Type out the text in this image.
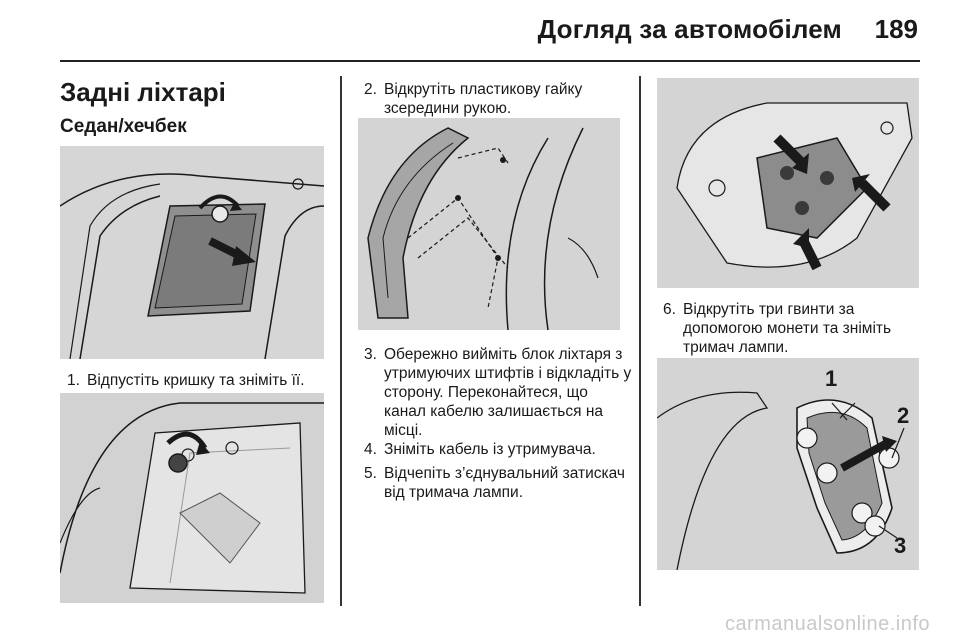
Догляд за автомобілем 189
Задні ліхтарі
Седан/хечбек
1. Відпустіть кришку та зніміть її.
2. Відкрутіть пластикову гайку зсередини рукою.
3. Обережно вийміть блок ліхтаря з утримуючих штифтів і відкладіть у сторону. Переконайтеся, що канал кабелю залишається на місці.
4. Зніміть кабель із утримувача.
5. Відчепіть з’єднувальний затискач від тримача лампи.
6. Відкрутіть три гвинти за допомогою монети та зніміть тримач лампи.
1
2
3
carmanualsonline.info
